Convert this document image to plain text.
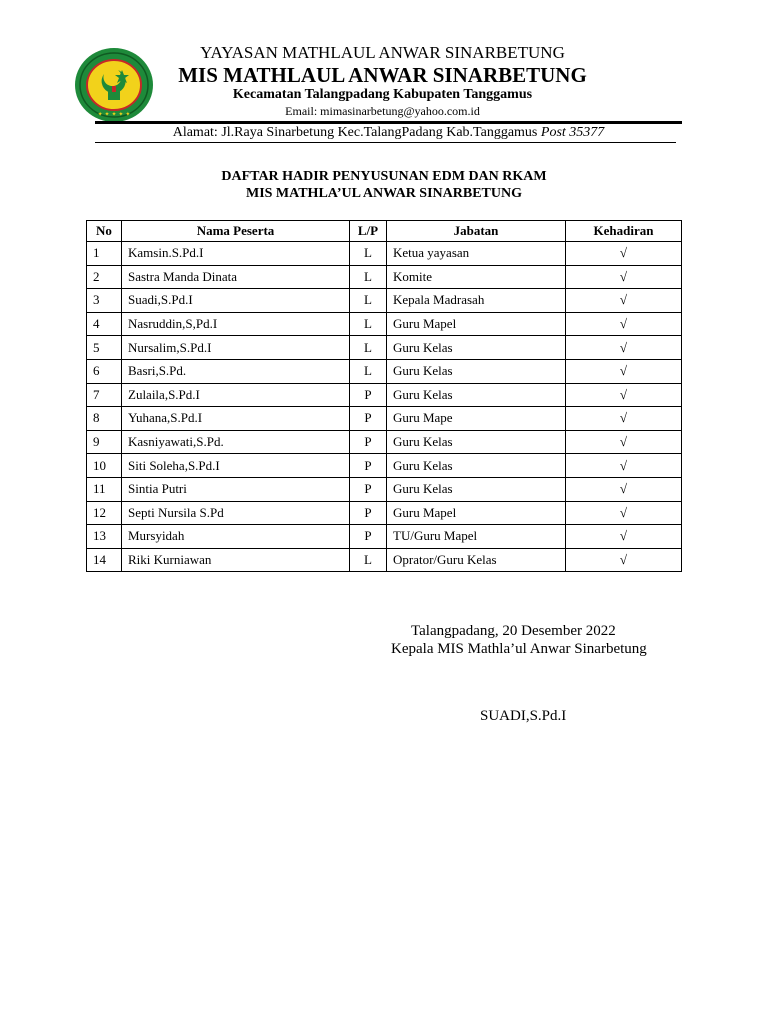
✦ ✦ ✦ ✦ ✦
YAYASAN MATHLAUL ANWAR SINARBETUNG
MIS MATHLAUL ANWAR SINARBETUNG
Kecamatan Talangpadang Kabupaten Tanggamus
Email: mimasinarbetung@yahoo.com.id
Alamat: Jl.Raya Sinarbetung Kec.TalangPadang Kab.Tanggamus Post 35377
DAFTAR HADIR PENYUSUNAN EDM DAN RKAM
MIS MATHLA’UL ANWAR SINARBETUNG
No	Nama Peserta	L/P	Jabatan	Kehadiran
1	Kamsin.S.Pd.I	L	Ketua yayasan	√
2	Sastra Manda Dinata	L	Komite	√
3	Suadi,S.Pd.I	L	Kepala Madrasah	√
4	Nasruddin,S,Pd.I	L	Guru Mapel	√
5	Nursalim,S.Pd.I	L	Guru Kelas	√
6	Basri,S.Pd.	L	Guru Kelas	√
7	Zulaila,S.Pd.I	P	Guru Kelas	√
8	Yuhana,S.Pd.I	P	Guru Mape	√
9	Kasniyawati,S.Pd.	P	Guru Kelas	√
10	Siti Soleha,S.Pd.I	P	Guru Kelas	√
11	Sintia Putri	P	Guru Kelas	√
12	Septi Nursila S.Pd	P	Guru Mapel	√
13	Mursyidah	P	TU/Guru Mapel	√
14	Riki Kurniawan	L	Oprator/Guru Kelas	√
Talangpadang, 20 Desember 2022
Kepala MIS Mathla’ul Anwar Sinarbetung
SUADI,S.Pd.I
